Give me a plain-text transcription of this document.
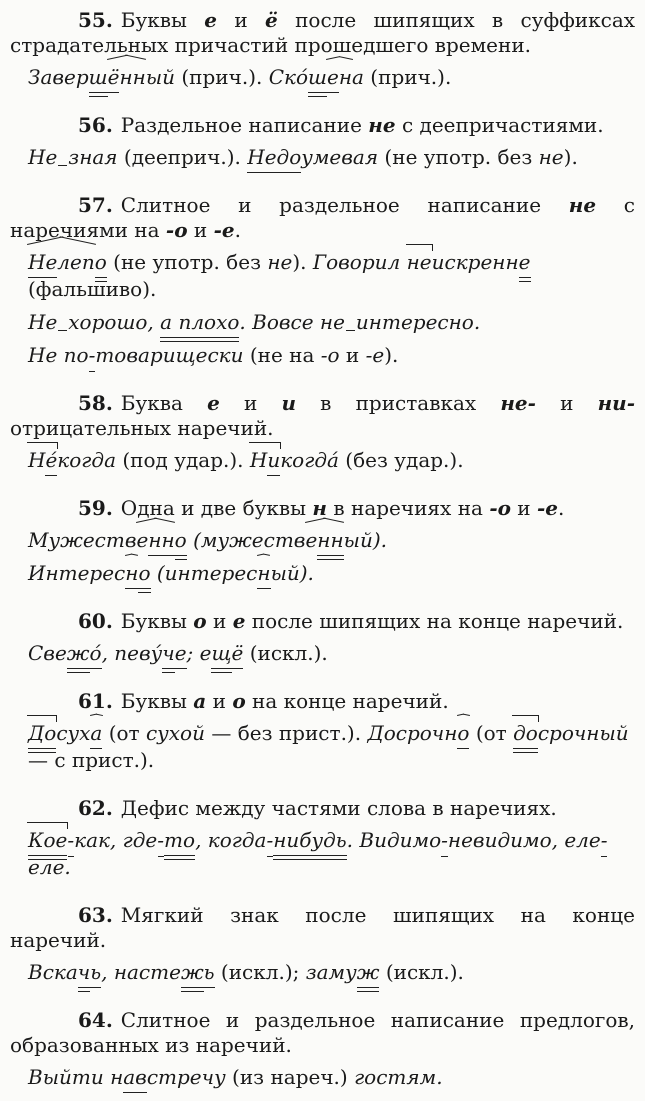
55. Буквы е и ё после шипящих в суффиксах страдательных причастий прошедшего времени.

Завершённый (прич.). Ско́шена (прич.).

56. Раздельное написание не с деепричастиями.

Не зная (дееприч.). Недоумевая (не употр. без не).

57. Слитное и раздельное написание не с наречиями на -о и -е.

Нелепо (не употр. без не). Говорил неискренне (фальшиво).

Не хорошо, а плохо. Вовсе не интересно.

Не по-товарищески (не на -о и -е).

58. Буква е и и в приставках не- и ни- отрицательных наречий.

Не́когда (под удар.). Никогда́ (без удар.).

59. Одна и две буквы н в наречиях на -о и -е.

Мужественно (мужественный).

Интересно (интересный).

60. Буквы о и е после шипящих на конце наречий.

Свежо́, певу́че; ещё (искл.).

61. Буквы а и о на конце наречий.

Досуха (от сухой — без прист.). Досрочно (от досрочный — с прист.).

62. Дефис между частями слова в наречиях.

Кое-как, где-то, когда-нибудь. Видимо-невидимо, еле-еле.

63. Мягкий знак после шипящих на конце наречий.

Вскачь, настежь (искл.); замуж (искл.).

64. Слитное и раздельное написание предлогов, образованных из наречий.

Выйти навстречу (из нареч.) гостям.
